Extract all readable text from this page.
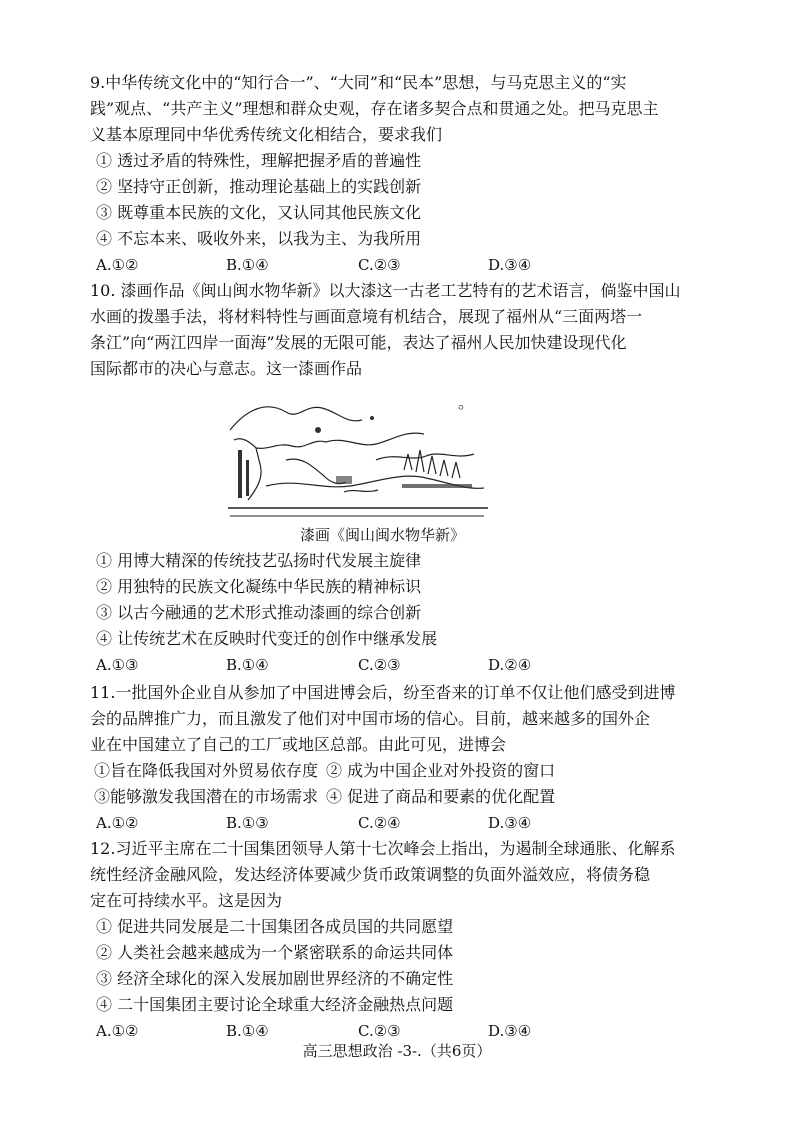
9.中华传统文化中的“知行合一”、“大同”和“民本”思想，与马克思主义的“实
践”观点、“共产主义”理想和群众史观，存在诸多契合点和贯通之处。把马克思主
义基本原理同中华优秀传统文化相结合，要求我们

① 透过矛盾的特殊性，理解把握矛盾的普遍性

② 坚持守正创新，推动理论基础上的实践创新

③ 既尊重本民族的文化，又认同其他民族文化

④ 不忘本来、吸收外来，以我为主、为我所用

A.①②	B.①④	C.②③	D.③④

10. 漆画作品《闽山闽水物华新》以大漆这一古老工艺特有的艺术语言，倘鉴中国山
水画的拨墨手法，将材料特性与画面意境有机结合，展现了福州从“三面两塔一
条江”向“两江四岸一面海”发展的无限可能，表达了福州人民加快建设现代化
国际都市的决心与意志。这一漆画作品

。
漆画《闽山闽水物华新》

① 用博大精深的传统技艺弘扬时代发展主旋律

② 用独特的民族文化凝练中华民族的精神标识

③ 以古今融通的艺术形式推动漆画的综合创新

④ 让传统艺术在反映时代变迁的创作中继承发展

A.①③	B.①④	C.②③	D.②④

11.一批国外企业自从参加了中国进博会后，纷至沓来的订单不仅让他们感受到进博
会的品牌推广力，而且激发了他们对中国市场的信心。目前，越来越多的国外企
业在中国建立了自己的工厂或地区总部。由此可见，进博会

①旨在降低我国对外贸易依存度 ② 成为中国企业对外投资的窗口
③能够激发我国潜在的市场需求 ④ 促进了商品和要素的优化配置
A.①②	B.①③	C.②④	D.③④

12.习近平主席在二十国集团领导人第十七次峰会上指出，为遏制全球通胀、化解系
统性经济金融风险，发达经济体要减少货币政策调整的负面外溢效应，将债务稳
定在可持续水平。这是因为

① 促进共同发展是二十国集团各成员国的共同愿望

② 人类社会越来越成为一个紧密联系的命运共同体

③ 经济全球化的深入发展加剧世界经济的不确定性

④ 二十国集团主要讨论全球重大经济金融热点问题

A.①②	B.①④	C.②③	D.③④
高三思想政治 -3-.（共6页）
